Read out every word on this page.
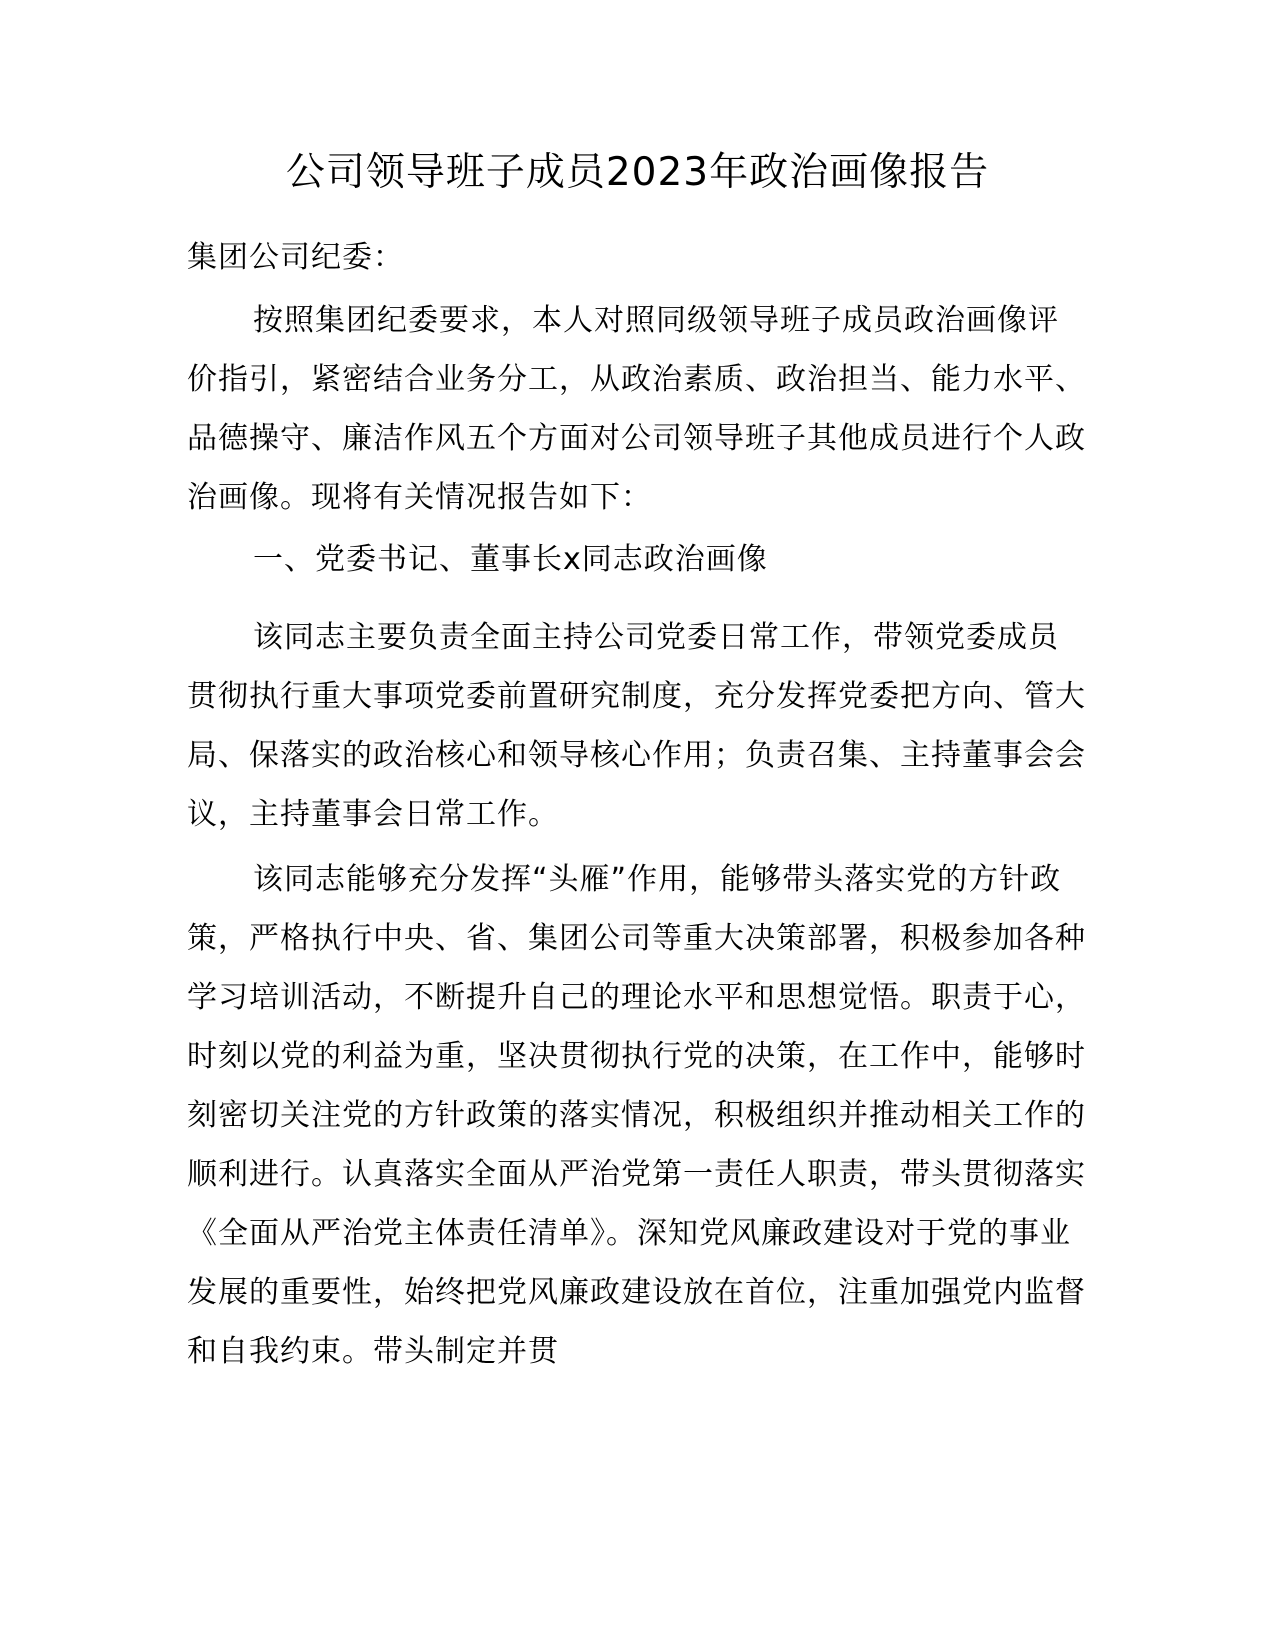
公司领导班子成员2023年政治画像报告
集团公司纪委：
按照集团纪委要求，本人对照同级领导班子成员政治画像评价指引，紧密结合业务分工，从政治素质、政治担当、能力水平、品德操守、廉洁作风五个方面对公司领导班子其他成员进行个人政治画像。现将有关情况报告如下：
一、党委书记、董事长x同志政治画像
该同志主要负责全面主持公司党委日常工作，带领党委成员贯彻执行重大事项党委前置研究制度，充分发挥党委把方向、管大局、保落实的政治核心和领导核心作用；负责召集、主持董事会会议，主持董事会日常工作。
该同志能够充分发挥“头雁”作用，能够带头落实党的方针政策，严格执行中央、省、集团公司等重大决策部署，积极参加各种学习培训活动，不断提升自己的理论水平和思想觉悟。职责于心，时刻以党的利益为重，坚决贯彻执行党的决策，在工作中，能够时刻密切关注党的方针政策的落实情况，积极组织并推动相关工作的顺利进行。认真落实全面从严治党第一责任人职责，带头贯彻落实《全面从严治党主体责任清单》。深知党风廉政建设对于党的事业发展的重要性，始终把党风廉政建设放在首位，注重加强党内监督和自我约束。带头制定并贯
